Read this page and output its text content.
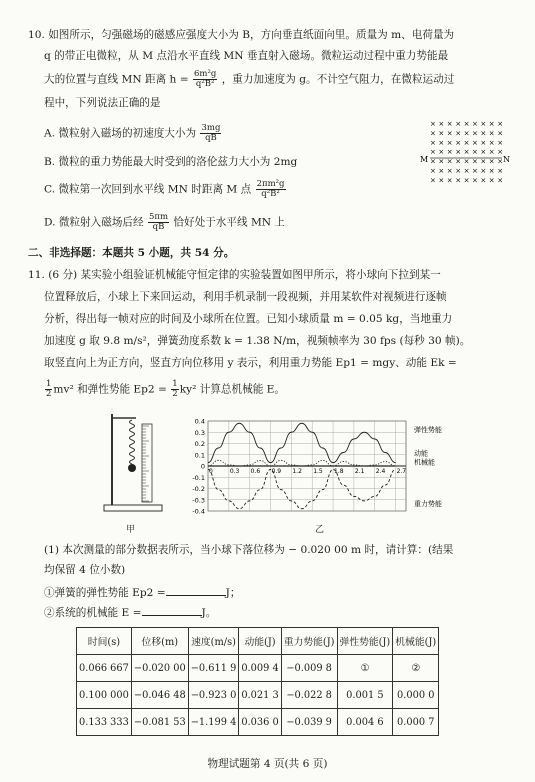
10. 如图所示，匀强磁场的磁感应强度大小为 B，方向垂直纸面向里。质量为 m、电荷量为
q 的带正电微粒，从 M 点沿水平直线 MN 垂直射入磁场。微粒运动过程中重力势能最
大的位置与直线 MN 距离 $h = \frac{\text{6m²g}}{\text{q²B²}}$ ，重力加速度为 g。不计空气阻力，在微粒运动过
程中，下列说法正确的是
A. 微粒射入磁场的初速度大小为 $\frac{3mg}{qB}$
B. 微粒的重力势能最大时受到的洛伦兹力大小为 2mg
C. 微粒第一次回到水平线 MN 时距离 M 点 $\frac{\text{2πm²g}}{\text{q²B²}}$
D. 微粒射入磁场后经 $\frac{5\pi m}{qB}$ 恰好处于水平线 MN 上
× × × × × × × × ×
× × × × × × × × ×
× × × × × × × × ×
× × × × × × × × ×
× × × × × × × × ×
× × × × × × × × ×
× × × × × × × × ×
M	N
二、非选择题：本题共 5 小题，共 54 分。
11. (6 分) 某实验小组验证机械能守恒定律的实验装置如图甲所示，将小球向下拉到某一
位置释放后，小球上下来回运动，利用手机录制一段视频，并用某软件对视频进行逐帧
分析，得出每一帧对应的时间及小球所在位置。已知小球质量 m = 0.05 kg，当地重力
加速度 g 取 9.8 m/s²，弹簧劲度系数 k = 1.38 N/m，视频帧率为 30 fps (每秒 30 帧)。
取竖直向上为正方向，竖直方向位移用 y 表示，利用重力势能 Ep1 = mgy、动能 Ek =
$\frac{1}{2} mv^2$ 和弹性势能 $Ep2 = \frac{1}{2} ky^2$ 计算总机械能 E。
甲
0.4
0.3
0.2
0.1
0
-0.1
-0.2
-0.3
-0.4
0	0.3 0.6 0.9 1.2 1.5 1.8 2.1 2.4 2.7
弹性势能
动能
机械能
重力势能
乙
(1) 本次测量的部分数据表所示，当小球下落位移为 − 0.020 00 m 时，请计算：(结果
均保留 4 位小数)
①弹簧的弹性势能 Ep2 =	J；
②系统的机械能 E =	J。
时间(s)	位移(m)	速度(m/s)	动能(J)	重力势能(J)	弹性势能(J)	机械能(J)
0.066 667	−0.020 00	−0.611 9	0.009 4	−0.009 8	①	②
0.100 000	−0.046 48	−0.923 0	0.021 3	−0.022 8	0.001 5	0.000 0
0.133 333	−0.081 53	−1.199 4	0.036 0	−0.039 9	0.004 6	0.000 7
物理试题第 4 页(共 6 页)
